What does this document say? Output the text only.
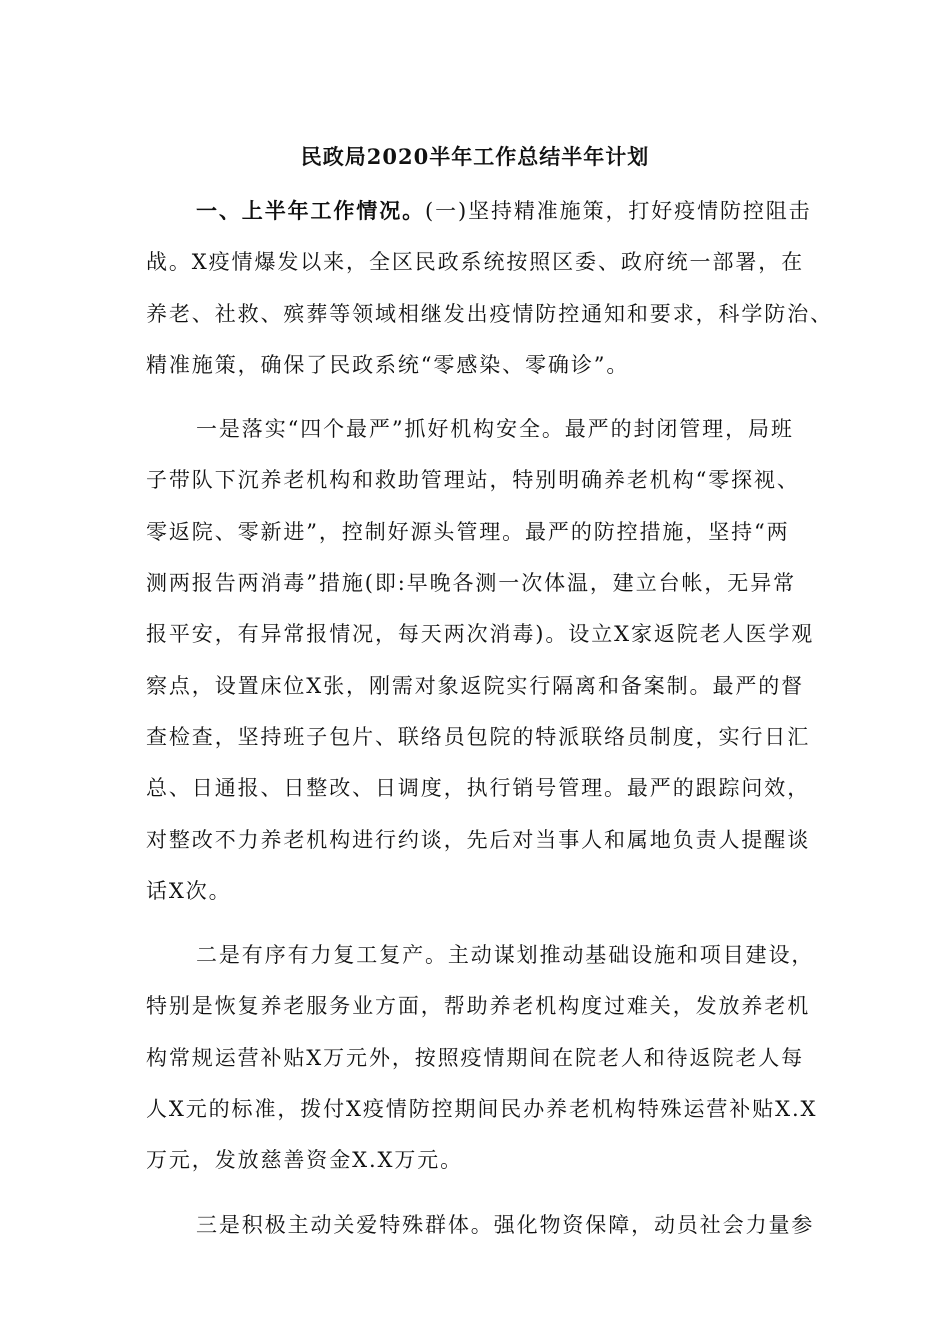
民政局2020半年工作总结半年计划
一、上半年工作情况。(一)坚持精准施策，打好疫情防控阻击
战。X疫情爆发以来，全区民政系统按照区委、政府统一部署，在
养老、社救、殡葬等领域相继发出疫情防控通知和要求，科学防治、
精准施策，确保了民政系统“零感染、零确诊”。
一是落实“四个最严”抓好机构安全。最严的封闭管理，局班
子带队下沉养老机构和救助管理站，特别明确养老机构“零探视、
零返院、零新进”，控制好源头管理。最严的防控措施，坚持“两
测两报告两消毒”措施(即:早晚各测一次体温，建立台帐，无异常
报平安，有异常报情况，每天两次消毒)。设立X家返院老人医学观
察点，设置床位X张，刚需对象返院实行隔离和备案制。最严的督
查检查，坚持班子包片、联络员包院的特派联络员制度，实行日汇
总、日通报、日整改、日调度，执行销号管理。最严的跟踪问效，
对整改不力养老机构进行约谈，先后对当事人和属地负责人提醒谈
话X次。
二是有序有力复工复产。主动谋划推动基础设施和项目建设，
特别是恢复养老服务业方面，帮助养老机构度过难关，发放养老机
构常规运营补贴X万元外，按照疫情期间在院老人和待返院老人每
人X元的标准，拨付X疫情防控期间民办养老机构特殊运营补贴X.X
万元，发放慈善资金X.X万元。
三是积极主动关爱特殊群体。强化物资保障，动员社会力量参
